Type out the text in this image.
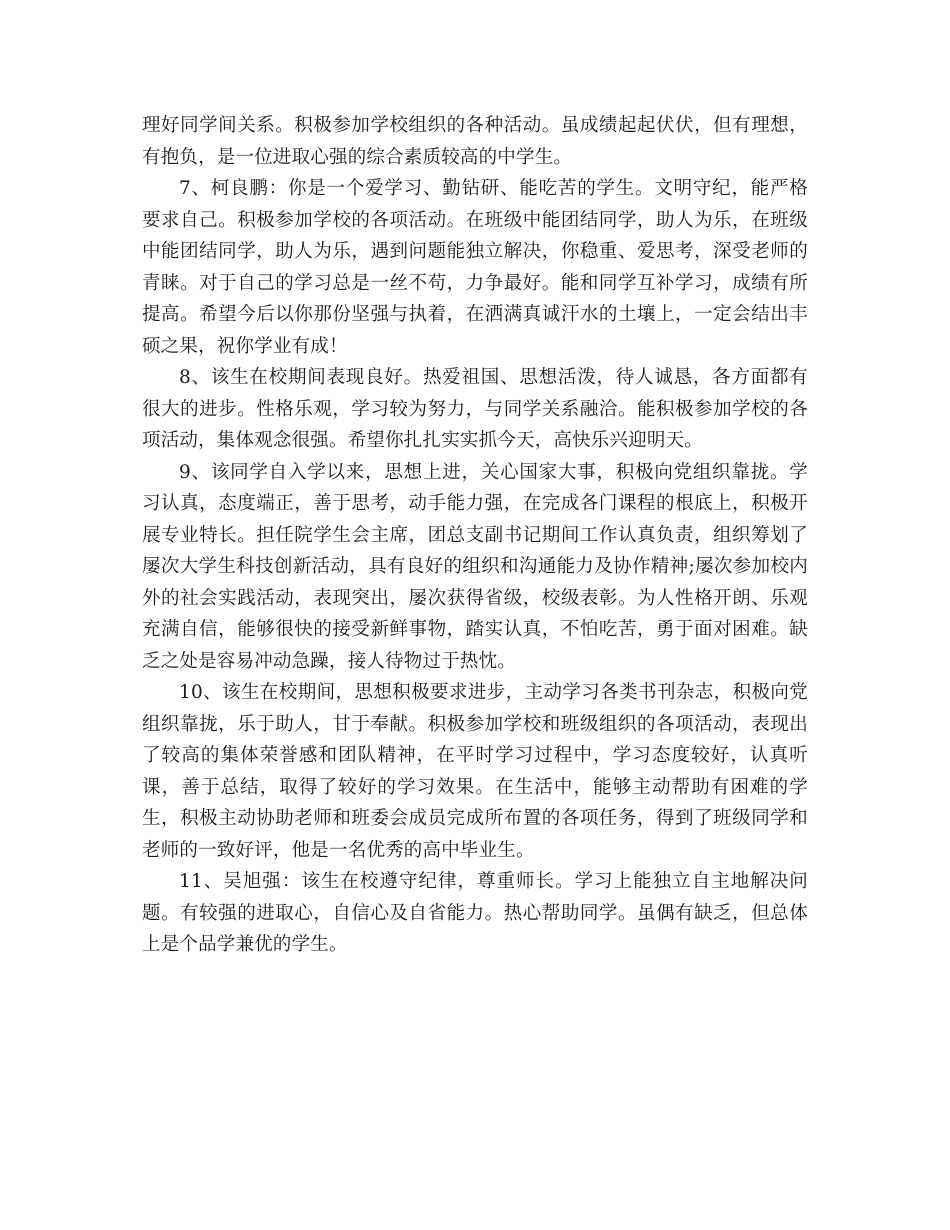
理好同学间关系。积极参加学校组织的各种活动。虽成绩起起伏伏，但有理想，有抱负，是一位进取心强的综合素质较高的中学生。

7、柯良鹏：你是一个爱学习、勤钻研、能吃苦的学生。文明守纪，能严格要求自己。积极参加学校的各项活动。在班级中能团结同学，助人为乐，在班级中能团结同学，助人为乐，遇到问题能独立解决，你稳重、爱思考，深受老师的青睐。对于自己的学习总是一丝不苟，力争最好。能和同学互补学习，成绩有所提高。希望今后以你那份坚强与执着，在洒满真诚汗水的土壤上，一定会结出丰硕之果，祝你学业有成！

8、该生在校期间表现良好。热爱祖国、思想活泼，待人诚恳，各方面都有很大的进步。性格乐观，学习较为努力，与同学关系融洽。能积极参加学校的各项活动，集体观念很强。希望你扎扎实实抓今天，高快乐兴迎明天。

9、该同学自入学以来，思想上进，关心国家大事，积极向党组织靠拢。学习认真，态度端正，善于思考，动手能力强，在完成各门课程的根底上，积极开展专业特长。担任院学生会主席，团总支副书记期间工作认真负责，组织筹划了屡次大学生科技创新活动，具有良好的组织和沟通能力及协作精神;屡次参加校内外的社会实践活动，表现突出，屡次获得省级，校级表彰。为人性格开朗、乐观充满自信，能够很快的接受新鲜事物，踏实认真，不怕吃苦，勇于面对困难。缺乏之处是容易冲动急躁，接人待物过于热忱。

10、该生在校期间，思想积极要求进步，主动学习各类书刊杂志，积极向党组织靠拢，乐于助人，甘于奉献。积极参加学校和班级组织的各项活动，表现出了较高的集体荣誉感和团队精神，在平时学习过程中，学习态度较好，认真听课，善于总结，取得了较好的学习效果。在生活中，能够主动帮助有困难的学生，积极主动协助老师和班委会成员完成所布置的各项任务，得到了班级同学和老师的一致好评，他是一名优秀的高中毕业生。

11、吴旭强：该生在校遵守纪律，尊重师长。学习上能独立自主地解决问题。有较强的进取心，自信心及自省能力。热心帮助同学。虽偶有缺乏，但总体上是个品学兼优的学生。
